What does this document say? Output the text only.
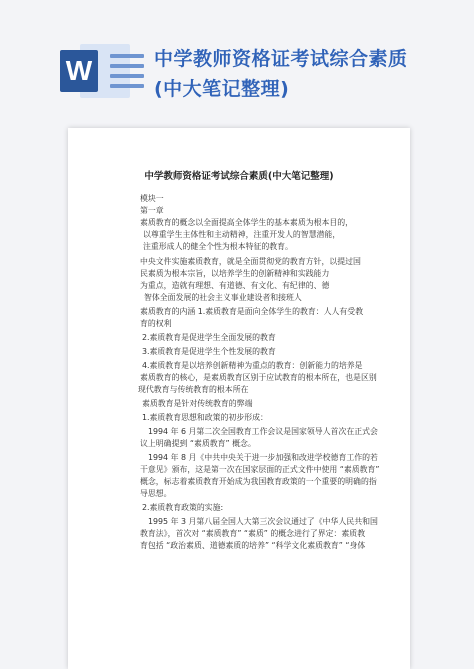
W	中学教师资格证考试综合素质
(中大笔记整理)
中学教师资格证考试综合素质(中大笔记整理)
模块一
第一章
素质教育的概念以全面提高全体学生的基本素质为根本目的，
以尊重学生主体性和主动精神，注重开发人的智慧潜能，
注重形成人的健全个性为根本特征的教育。
中央文件实施素质教育，就是全面贯彻党的教育方针，以提过国
民素质为根本宗旨，以培养学生的创新精神和实践能力
为重点，造就有理想、有道德、有文化、有纪律的、德
智体全面发展的社会主义事业建设者和接班人
素质教育的内涵 1.素质教育是面向全体学生的教育：人人有受教
育的权利
2.素质教育是促进学生全面发展的教育
3.素质教育是促进学生个性发展的教育
4.素质教育是以培养创新精神为重点的教育：创新能力的培养是
素质教育的核心，是素质教育区别于应试教育的根本所在，也是区别
现代教育与传统教育的根本所在
素质教育是针对传统教育的弊端
1.素质教育思想和政策的初步形成：
1994 年 6 月第二次全国教育工作会议是国家领导人首次在正式会
议上明确提到 “素质教育” 概念。
1994 年 8 月《中共中央关于进一步加强和改进学校德育工作的若
干意见》颁布，这是第一次在国家层面的正式文件中使用 “素质教育”
概念，标志着素质教育开始成为我国教育政策的一个重要的明确的指
导思想。
2.素质教育政策的实施:
1995 年 3 月第八届全国人大第三次会议通过了《中华人民共和国
教育法》，首次对 “素质教育” “素质” 的概念进行了界定：素质教
育包括 “政治素质、道德素质的培养” “科学文化素质教育” “身体
